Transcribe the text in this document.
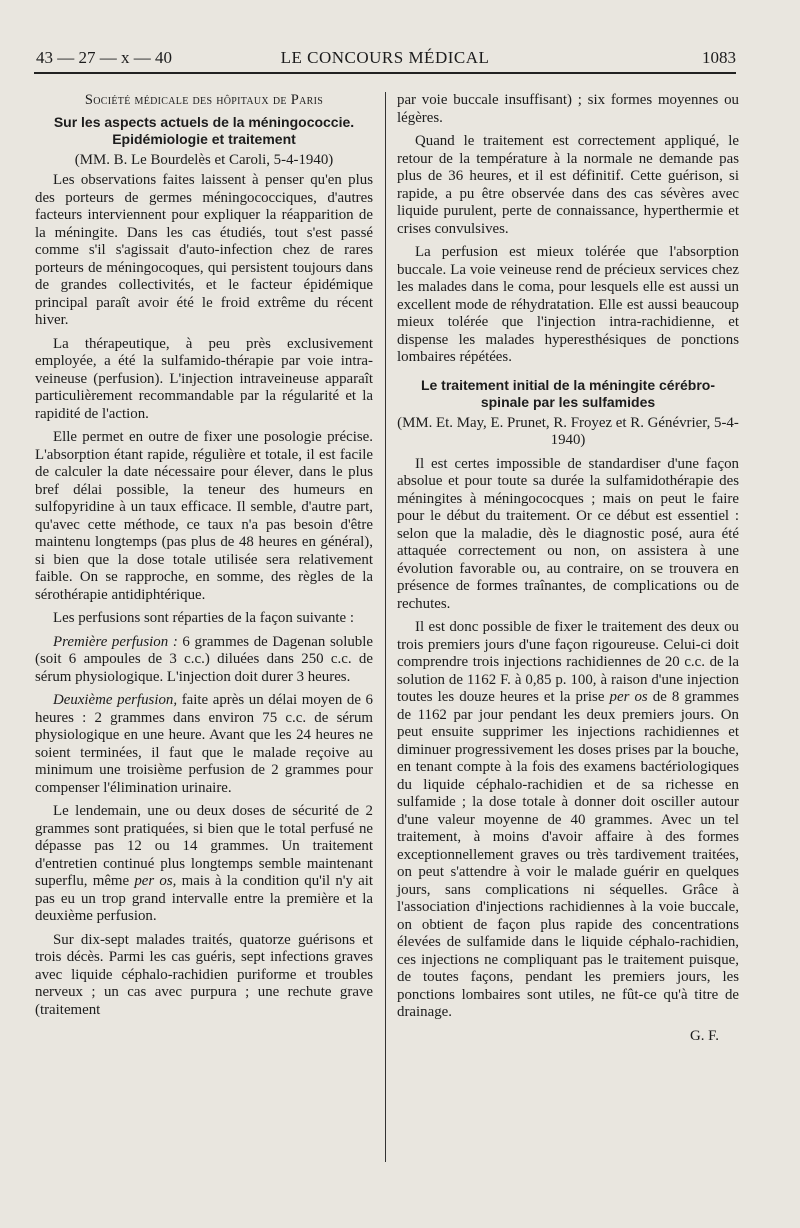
LE CONCOURS MÉDICAL
43 — 27 — x — 40	1083

Société médicale des hôpitaux de Paris

Sur les aspects actuels de la méningococcie. Epidémiologie et traitement

(MM. B. Le Bourdelès et Caroli, 5-4-1940)

Les observations faites laissent à penser qu'en plus des porteurs de germes méningococciques, d'autres facteurs interviennent pour expliquer la réapparition de la méningite. Dans les cas étudiés, tout s'est passé comme s'il s'agissait d'auto-infection chez de rares porteurs de méningocoques, qui persistent toujours dans de grandes collectivités, et le facteur épidémique principal paraît avoir été le froid extrême du récent hiver.

La thérapeutique, à peu près exclusivement employée, a été la sulfamido-thérapie par voie intra-veineuse (perfusion). L'injection intraveineuse apparaît particulièrement recommandable par la régularité et la rapidité de l'action.

Elle permet en outre de fixer une posologie précise. L'absorption étant rapide, régulière et totale, il est facile de calculer la date nécessaire pour élever, dans le plus bref délai possible, la teneur des humeurs en sulfopyridine à un taux efficace. Il semble, d'autre part, qu'avec cette méthode, ce taux n'a pas besoin d'être maintenu longtemps (pas plus de 48 heures en général), si bien que la dose totale utilisée sera relativement faible. On se rapproche, en somme, des règles de la sérothérapie antidiphtérique.

Les perfusions sont réparties de la façon suivante :

Première perfusion : 6 grammes de Dagenan soluble (soit 6 ampoules de 3 c.c.) diluées dans 250 c.c. de sérum physiologique. L'injection doit durer 3 heures.

Deuxième perfusion, faite après un délai moyen de 6 heures : 2 grammes dans environ 75 c.c. de sérum physiologique en une heure. Avant que les 24 heures ne soient terminées, il faut que le malade reçoive au minimum une troisième perfusion de 2 grammes pour compenser l'élimination urinaire.

Le lendemain, une ou deux doses de sécurité de 2 grammes sont pratiquées, si bien que le total perfusé ne dépasse pas 12 ou 14 grammes. Un traitement d'entretien continué plus longtemps semble maintenant superflu, même per os, mais à la condition qu'il n'y ait pas eu un trop grand intervalle entre la première et la deuxième perfusion.

Sur dix-sept malades traités, quatorze guérisons et trois décès. Parmi les cas guéris, sept infections graves avec liquide céphalo-rachidien puriforme et troubles nerveux ; un cas avec purpura ; une rechute grave (traitement

par voie buccale insuffisant) ; six formes moyennes ou légères.

Quand le traitement est correctement appliqué, le retour de la température à la normale ne demande pas plus de 36 heures, et il est définitif. Cette guérison, si rapide, a pu être observée dans des cas sévères avec liquide purulent, perte de connaissance, hyperthermie et crises convulsives.

La perfusion est mieux tolérée que l'absorption buccale. La voie veineuse rend de précieux services chez les malades dans le coma, pour lesquels elle est aussi un excellent mode de réhydratation. Elle est aussi beaucoup mieux tolérée que l'injection intra-rachidienne, et dispense les malades hyperesthésiques de ponctions lombaires répétées.

Le traitement initial de la méningite cérébro-spinale par les sulfamides

(MM. Et. May, E. Prunet, R. Froyez et R. Génévrier, 5-4-1940)

Il est certes impossible de standardiser d'une façon absolue et pour toute sa durée la sulfamidothérapie des méningites à méningococques ; mais on peut le faire pour le début du traitement. Or ce début est essentiel : selon que la maladie, dès le diagnostic posé, aura été attaquée correctement ou non, on assistera à une évolution favorable ou, au contraire, on se trouvera en présence de formes traînantes, de complications ou de rechutes.

Il est donc possible de fixer le traitement des deux ou trois premiers jours d'une façon rigoureuse. Celui-ci doit comprendre trois injections rachidiennes de 20 c.c. de la solution de 1162 F. à 0,85 p. 100, à raison d'une injection toutes les douze heures et la prise per os de 8 grammes de 1162 par jour pendant les deux premiers jours. On peut ensuite supprimer les injections rachidiennes et diminuer progressivement les doses prises par la bouche, en tenant compte à la fois des examens bactériologiques du liquide céphalo-rachidien et de sa richesse en sulfamide ; la dose totale à donner doit osciller autour d'une valeur moyenne de 40 grammes. Avec un tel traitement, à moins d'avoir affaire à des formes exceptionnellement graves ou très tardivement traitées, on peut s'attendre à voir le malade guérir en quelques jours, sans complications ni séquelles. Grâce à l'association d'injections rachidiennes à la voie buccale, on obtient de façon plus rapide des concentrations élevées de sulfamide dans le liquide céphalo-rachidien, ces injections ne compliquant pas le traitement puisque, de toutes façons, pendant les premiers jours, les ponctions lombaires sont utiles, ne fût-ce qu'à titre de drainage.

G. F.
